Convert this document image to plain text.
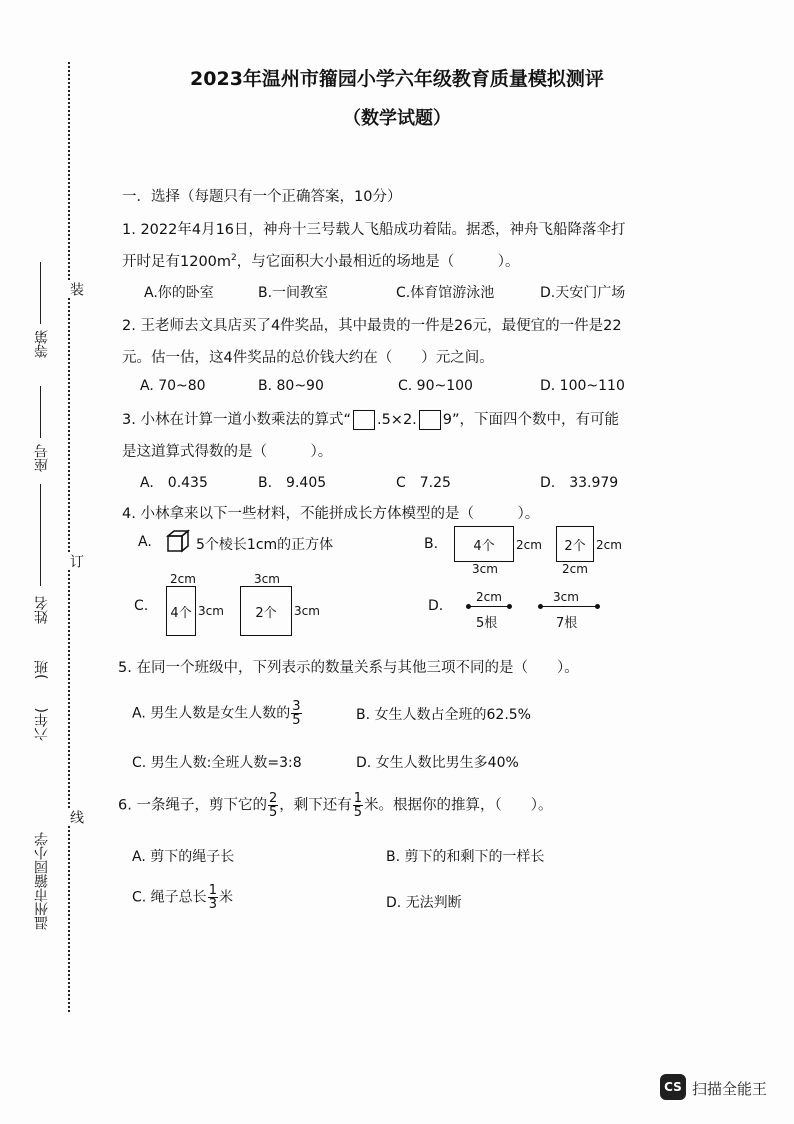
装
订
线
温州市籀园小学
六年(　　)班
姓名
座号
等第
2023年温州市籀园小学六年级教育质量模拟测评
（数学试题）
一．选择（每题只有一个正确答案，10分）
1. 2022年4月16日，神舟十三号载人飞船成功着陆。据悉，神舟飞船降落伞打
开时足有$1200m^2$，与它面积大小最相近的场地是（　　　）。
A.你的卧室	B.一间教室	C.体育馆游泳池	D.天安门广场
2. 王老师去文具店买了4件奖品，其中最贵的一件是26元，最便宜的一件是22
元。估一估，这4件奖品的总价钱大约在（　　）元之间。
A. 70~80	B. 80~90	C. 90~100	D. 100~110
3. 小林在计算一道小数乘法的算式“ .5×2. 9”，下面四个数中，有可能
是这道算式得数的是（　　　）。
A.　0.435	B.　9.405	C　7.25	D.　33.979
4. 小林拿来以下一些材料，不能拼成长方体模型的是（　　　）。
A.	5个棱长1cm的正方体	B.	4个	2cm
3cm
2个 2cm
2cm
C.
2cm
4个 3cm
3cm
2个	3cm	D.
2cm
5根
3cm
7根
5. 在同一个班级中，下列表示的数量关系与其他三项不同的是（　　）。
A. 男生人数是女生人数的 $\frac{3}{5}$	B. 女生人数占全班的62.5%
C. 男生人数:全班人数=3:8	D. 女生人数比男生多40%
6. 一条绳子，剪下它的 $\frac{2}{5}$ ，剩下还有 $\frac{1}{5}$ 米。根据你的推算，（　　）。
A. 剪下的绳子长	B. 剪下的和剩下的一样长
C. 绳子总长 $\frac{1}{3}$ 米	D. 无法判断
CS 扫描全能王
